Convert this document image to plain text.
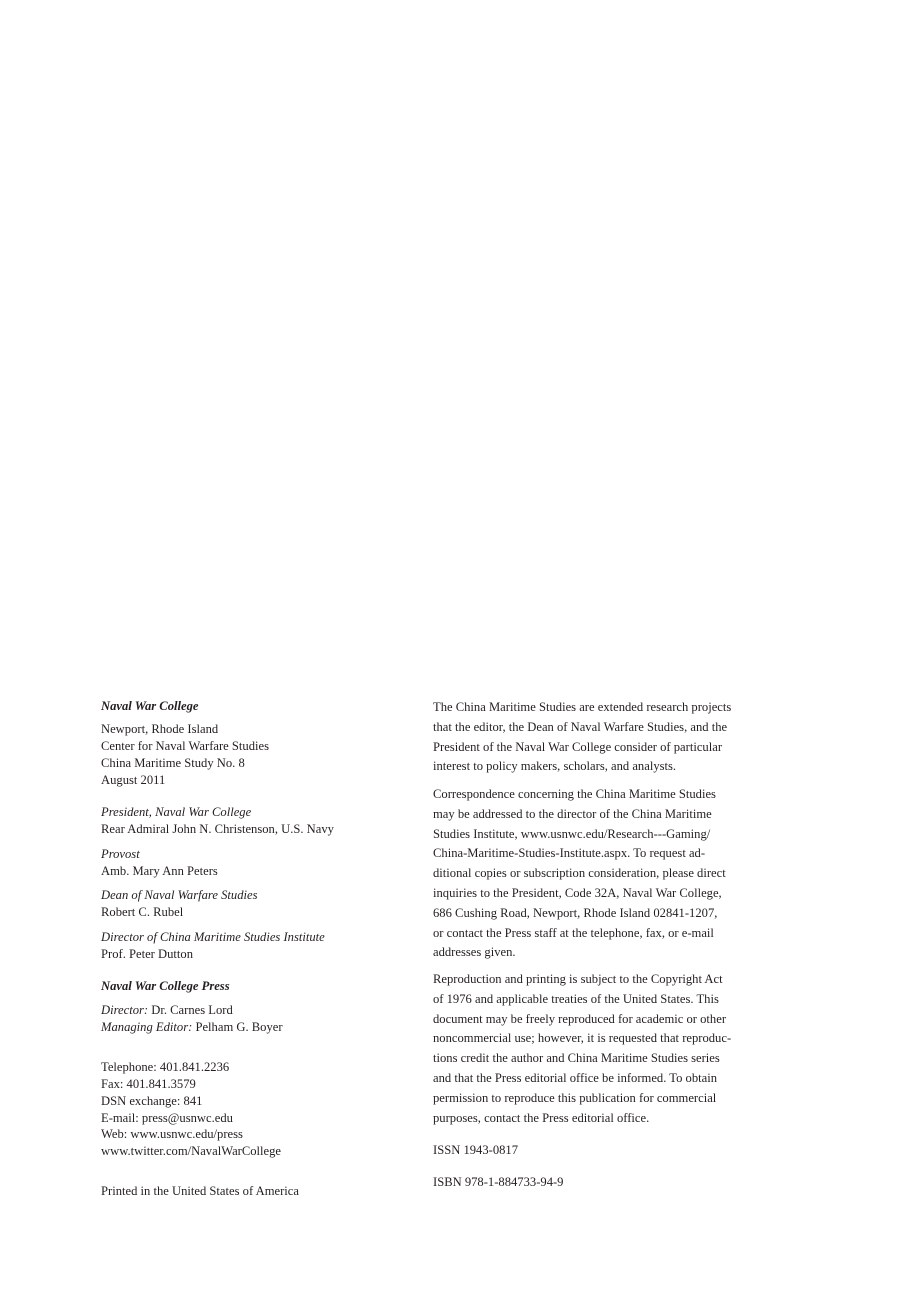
Naval War College
Newport, Rhode Island
Center for Naval Warfare Studies
China Maritime Study No. 8
August 2011
President, Naval War College
Rear Admiral John N. Christenson, U.S. Navy
Provost
Amb. Mary Ann Peters
Dean of Naval Warfare Studies
Robert C. Rubel
Director of China Maritime Studies Institute
Prof. Peter Dutton
Naval War College Press
Director: Dr. Carnes Lord
Managing Editor: Pelham G. Boyer
Telephone: 401.841.2236
Fax: 401.841.3579
DSN exchange: 841
E-mail: press@usnwc.edu
Web: www.usnwc.edu/press
www.twitter.com/NavalWarCollege
Printed in the United States of America
The China Maritime Studies are extended research projects
that the editor, the Dean of Naval Warfare Studies, and the
President of the Naval War College consider of particular
interest to policy makers, scholars, and analysts.
Correspondence concerning the China Maritime Studies
may be addressed to the director of the China Maritime
Studies Institute, www.usnwc.edu/Research---Gaming/
China-Maritime-Studies-Institute.aspx. To request ad-
ditional copies or subscription consideration, please direct
inquiries to the President, Code 32A, Naval War College,
686 Cushing Road, Newport, Rhode Island 02841-1207,
or contact the Press staff at the telephone, fax, or e-mail
addresses given.
Reproduction and printing is subject to the Copyright Act
of 1976 and applicable treaties of the United States. This
document may be freely reproduced for academic or other
noncommercial use; however, it is requested that reproduc-
tions credit the author and China Maritime Studies series
and that the Press editorial office be informed. To obtain
permission to reproduce this publication for commercial
purposes, contact the Press editorial office.
ISSN 1943-0817
ISBN 978-1-884733-94-9
